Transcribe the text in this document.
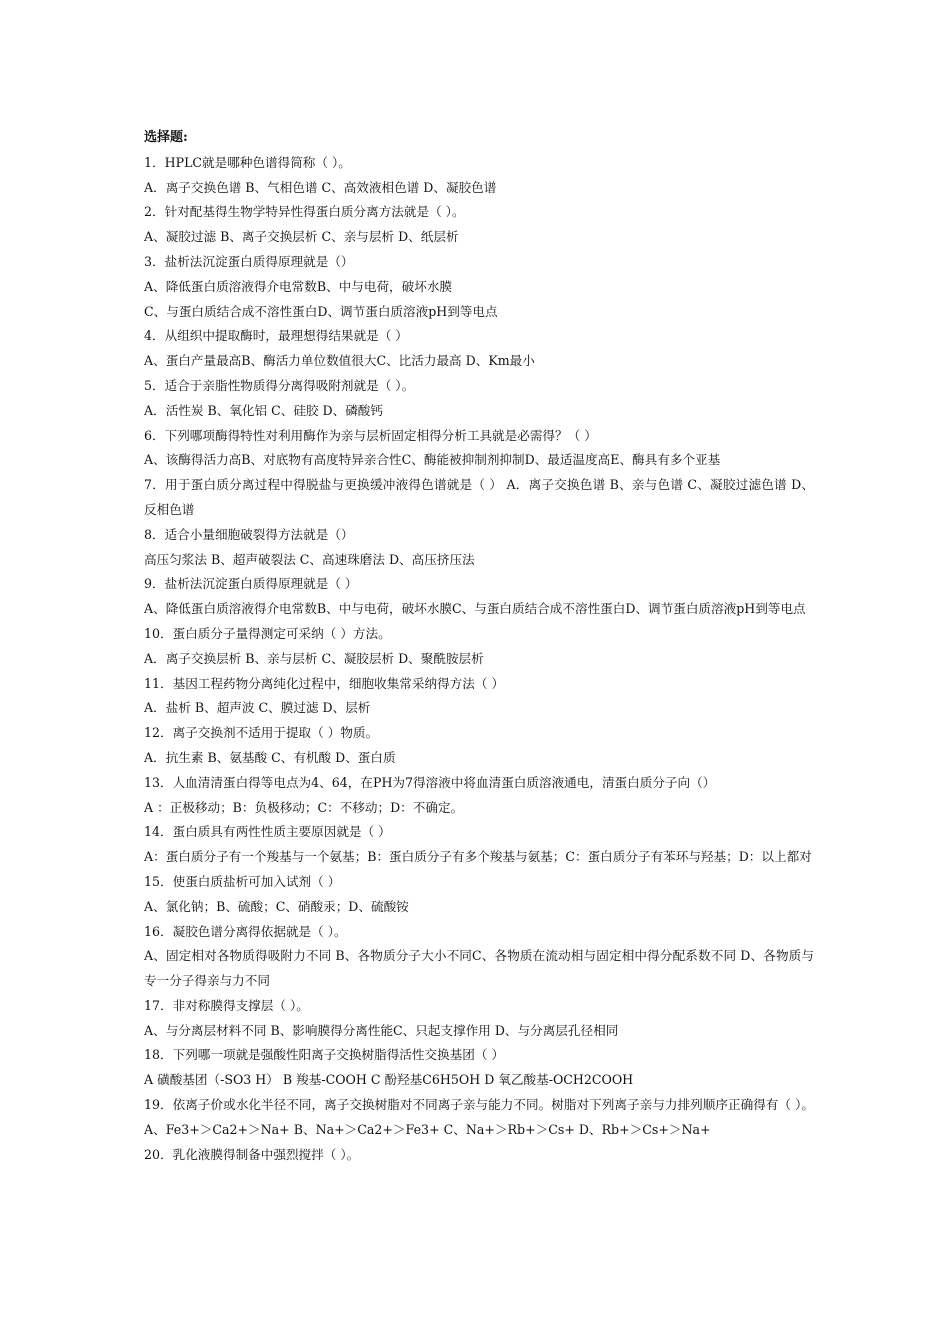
选择题:
1．HPLC就是哪种色谱得简称（ ）。
A．离子交换色谱 B、气相色谱 C、高效液相色谱 D、凝胶色谱
2．针对配基得生物学特异性得蛋白质分离方法就是（ ）。
A、凝胶过滤 B、离子交换层析 C、亲与层析 D、纸层析
3．盐析法沉淀蛋白质得原理就是（）
A、降低蛋白质溶液得介电常数B、中与电荷，破坏水膜
C、与蛋白质结合成不溶性蛋白D、调节蛋白质溶液pH到等电点
4．从组织中提取酶时，最理想得结果就是（ ）
A、蛋白产量最高B、酶活力单位数值很大C、比活力最高 D、Km最小
5．适合于亲脂性物质得分离得吸附剂就是（ ）。
A．活性炭 B、氧化铝 C、硅胶 D、磷酸钙
6．下列哪项酶得特性对利用酶作为亲与层析固定相得分析工具就是必需得？（ ）
A、该酶得活力高B、对底物有高度特异亲合性C、酶能被抑制剂抑制D、最适温度高E、酶具有多个亚基
7．用于蛋白质分离过程中得脱盐与更换缓冲液得色谱就是（ ） A．离子交换色谱 B、亲与色谱 C、凝胶过滤色谱 D、反相色谱
8．适合小量细胞破裂得方法就是（）
高压匀浆法 B、超声破裂法 C、高速珠磨法 D、高压挤压法
9．盐析法沉淀蛋白质得原理就是（ ）
A、降低蛋白质溶液得介电常数B、中与电荷，破坏水膜C、与蛋白质结合成不溶性蛋白D、调节蛋白质溶液pH到等电点
10．蛋白质分子量得测定可采纳（ ）方法。
A．离子交换层析 B、亲与层析 C、凝胶层析 D、聚酰胺层析
11．基因工程药物分离纯化过程中，细胞收集常采纳得方法（ ）
A．盐析 B、超声波 C、膜过滤 D、层析
12．离子交换剂不适用于提取（ ）物质。
A．抗生素 B、氨基酸 C、有机酸 D、蛋白质
13．人血清清蛋白得等电点为4、64，在PH为7得溶液中将血清蛋白质溶液通电，清蛋白质分子向（）
A ：正极移动；B：负极移动；C：不移动；D：不确定。
14．蛋白质具有两性性质主要原因就是（ ）
A：蛋白质分子有一个羧基与一个氨基；B：蛋白质分子有多个羧基与氨基；C：蛋白质分子有苯环与羟基；D：以上都对
15．使蛋白质盐析可加入试剂（ ）
A、氯化钠；B、硫酸；C、硝酸汞；D、硫酸铵
16．凝胶色谱分离得依据就是（ ）。
A、固定相对各物质得吸附力不同 B、各物质分子大小不同C、各物质在流动相与固定相中得分配系数不同 D、各物质与专一分子得亲与力不同
17．非对称膜得支撑层（ ）。
A、与分离层材料不同 B、影响膜得分离性能C、只起支撑作用 D、与分离层孔径相同
18．下列哪一项就是强酸性阳离子交换树脂得活性交换基团（ ）
A 磺酸基团（-SO3 H） B 羧基-COOH C 酚羟基C6H5OH D 氧乙酸基-OCH2COOH
19．依离子价或水化半径不同，离子交换树脂对不同离子亲与能力不同。树脂对下列离子亲与力排列顺序正确得有（ ）。 A、Fe3+＞Ca2+＞Na+ B、Na+＞Ca2+＞Fe3+ C、Na+＞Rb+＞Cs+ D、Rb+＞Cs+＞Na+
20．乳化液膜得制备中强烈搅拌（ ）。
